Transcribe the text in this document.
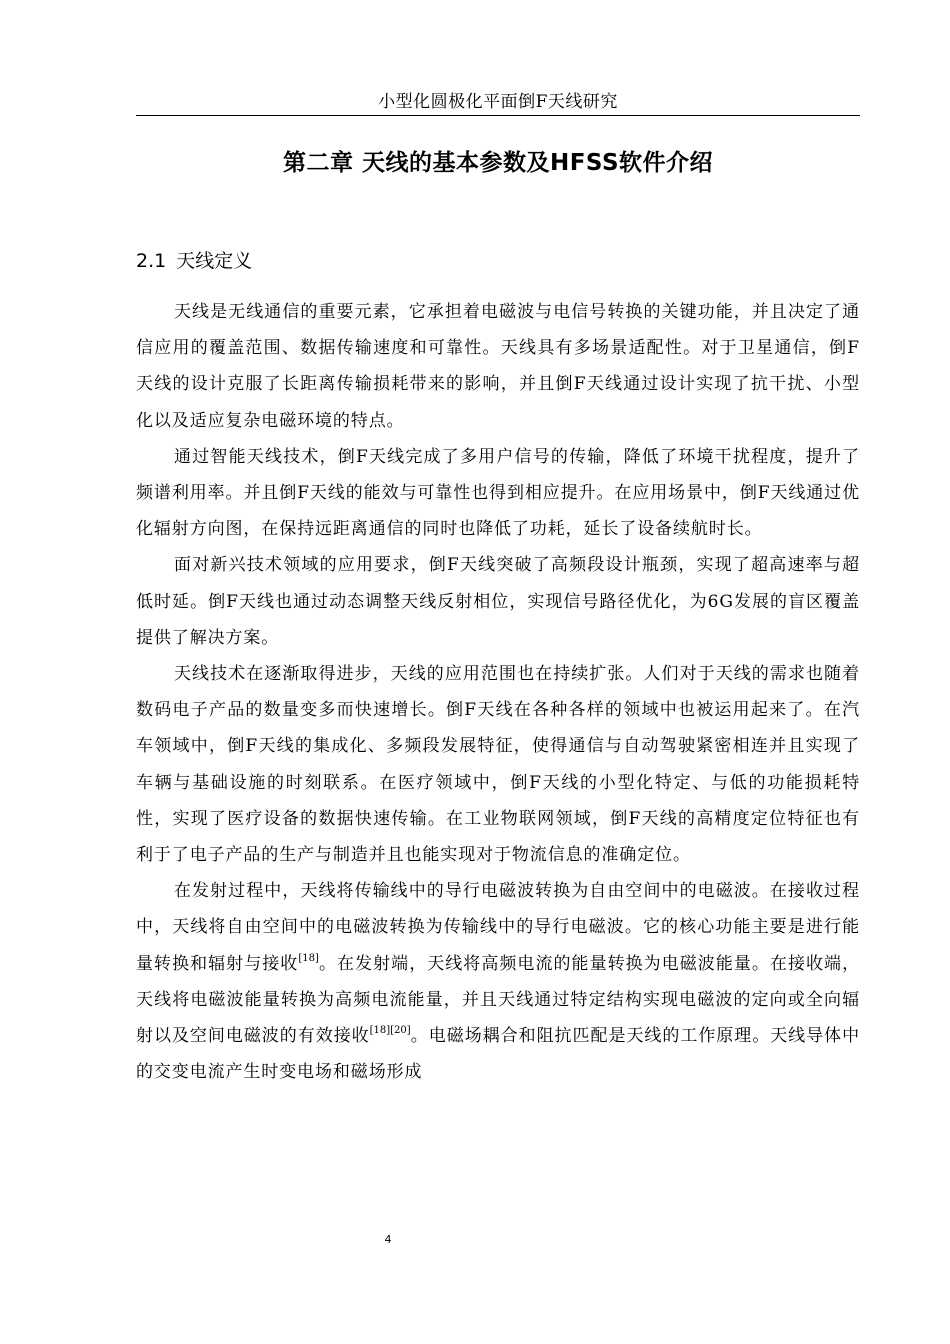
小型化圆极化平面倒F天线研究
第二章 天线的基本参数及HFSS软件介绍
2.1 天线定义

天线是无线通信的重要元素，它承担着电磁波与电信号转换的关键功能，并且决定了通信应用的覆盖范围、数据传输速度和可靠性。天线具有多场景适配性。对于卫星通信，倒F天线的设计克服了长距离传输损耗带来的影响，并且倒F天线通过设计实现了抗干扰、小型化以及适应复杂电磁环境的特点。

通过智能天线技术，倒F天线完成了多用户信号的传输，降低了环境干扰程度，提升了频谱利用率。并且倒F天线的能效与可靠性也得到相应提升。在应用场景中，倒F天线通过优化辐射方向图，在保持远距离通信的同时也降低了功耗，延长了设备续航时长。

面对新兴技术领域的应用要求，倒F天线突破了高频段设计瓶颈，实现了超高速率与超低时延。倒F天线也通过动态调整天线反射相位，实现信号路径优化，为6G发展的盲区覆盖提供了解决方案。

天线技术在逐渐取得进步，天线的应用范围也在持续扩张。人们对于天线的需求也随着数码电子产品的数量变多而快速增长。倒F天线在各种各样的领域中也被运用起来了。在汽车领域中，倒F天线的集成化、多频段发展特征，使得通信与自动驾驶紧密相连并且实现了车辆与基础设施的时刻联系。在医疗领域中，倒F天线的小型化特定、与低的功能损耗特性，实现了医疗设备的数据快速传输。在工业物联网领域，倒F天线的高精度定位特征也有利于了电子产品的生产与制造并且也能实现对于物流信息的准确定位。

在发射过程中，天线将传输线中的导行电磁波转换为自由空间中的电磁波。在接收过程中，天线将自由空间中的电磁波转换为传输线中的导行电磁波。它的核心功能主要是进行能量转换和辐射与接收[18]。在发射端，天线将高频电流的能量转换为电磁波能量。在接收端，天线将电磁波能量转换为高频电流能量，并且天线通过特定结构实现电磁波的定向或全向辐射以及空间电磁波的有效接收[18][20]。电磁场耦合和阻抗匹配是天线的工作原理。天线导体中的交变电流产生时变电场和磁场形成

4
